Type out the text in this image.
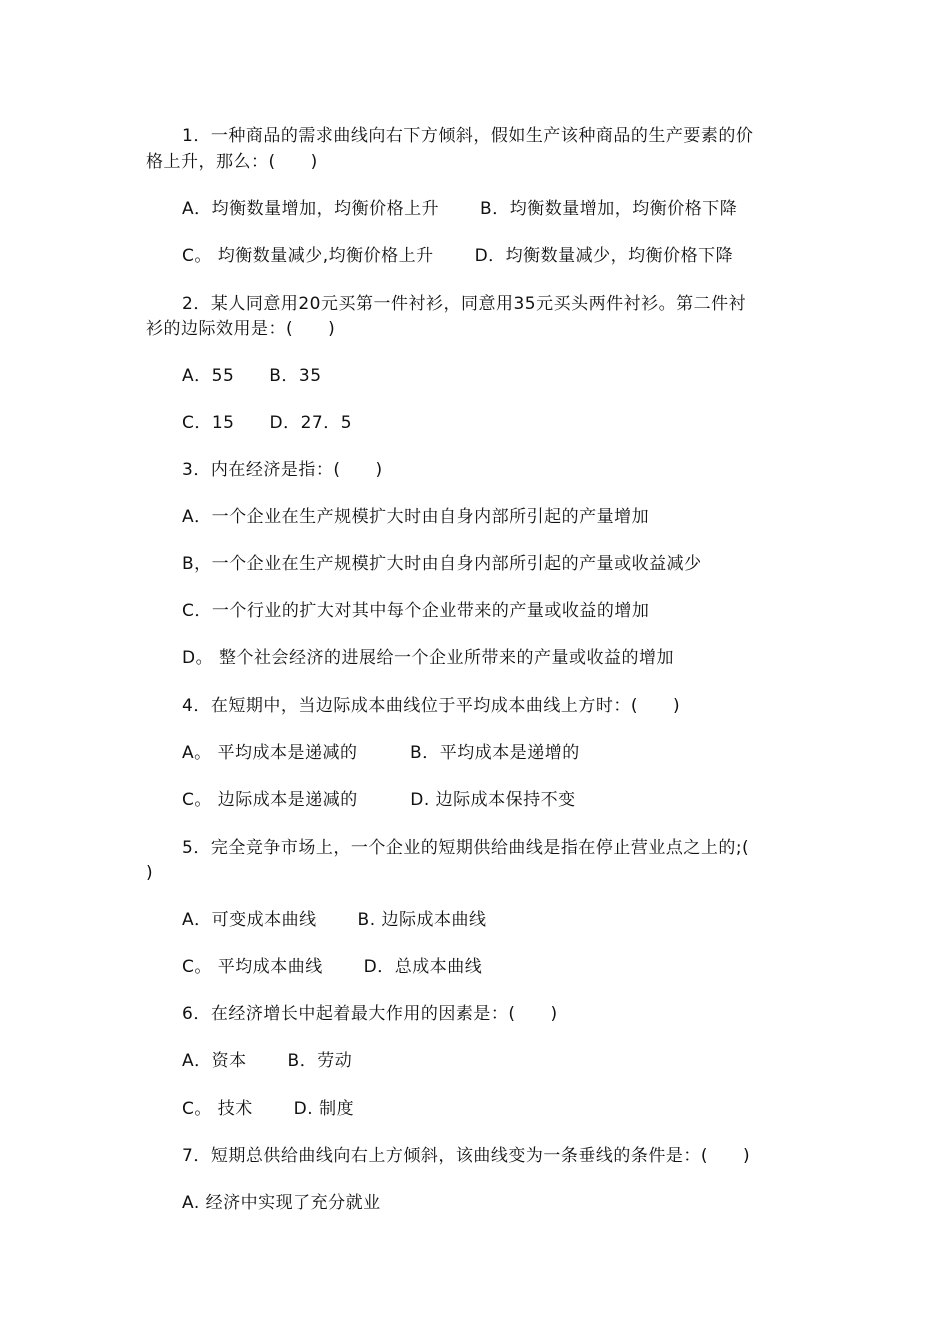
1．一种商品的需求曲线向右下方倾斜，假如生产该种商品的生产要素的价
格上升，那么：(　　)
A．均衡数量增加，均衡价格上升　　 B．均衡数量增加，均衡价格下降
C。 均衡数量减少,均衡价格上升　　 D．均衡数量减少，均衡价格下降
2．某人同意用20元买第一件衬衫，同意用35元买头两件衬衫。第二件衬
衫的边际效用是：(　　)
A．55　　B．35
C．15　　D．27．5
3．内在经济是指：(　　)
A．一个企业在生产规模扩大时由自身内部所引起的产量增加
B，一个企业在生产规模扩大时由自身内部所引起的产量或收益减少
C．一个行业的扩大对其中每个企业带来的产量或收益的增加
D。 整个社会经济的进展给一个企业所带来的产量或收益的增加
4．在短期中，当边际成本曲线位于平均成本曲线上方时：(　　)
A。 平均成本是递减的　　　B．平均成本是递增的
C。 边际成本是递减的　　　D. 边际成本保持不变
5．完全竞争市场上，一个企业的短期供给曲线是指在停止营业点之上的;(
)
A．可变成本曲线　　 B. 边际成本曲线
C。 平均成本曲线　　 D．总成本曲线
6．在经济增长中起着最大作用的因素是：(　　)
A．资本　　 B．劳动
C。 技术　　 D. 制度
7．短期总供给曲线向右上方倾斜，该曲线变为一条垂线的条件是：(　　)
A. 经济中实现了充分就业
